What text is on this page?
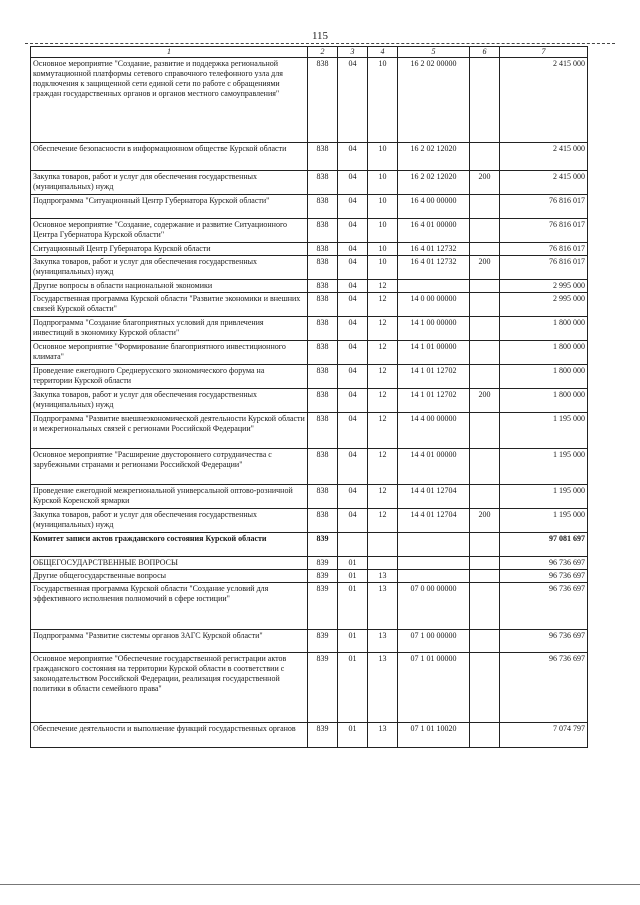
115
1	2	3	4	5	6	7
Основное мероприятие "Создание, развитие и поддержка региональной коммутационной платформы сетевого справочного телефонного узла для подключения к защищенной сети единой сети по работе с обращениями граждан государственных органов и органов местного самоуправления"	838	04	10	16 2 02 00000		2 415 000
Обеспечение безопасности в информационном обществе Курской области	838	04	10	16 2 02 12020		2 415 000
Закупка товаров, работ и услуг для обеспечения государственных (муниципальных) нужд	838	04	10	16 2 02 12020	200	2 415 000
Подпрограмма "Ситуационный Центр Губернатора Курской области"	838	04	10	16 4 00 00000		76 816 017
Основное мероприятие "Создание, содержание и развитие Ситуационного Центра Губернатора Курской области"	838	04	10	16 4 01 00000		76 816 017
Ситуационный Центр Губернатора Курской области	838	04	10	16 4 01 12732		76 816 017
Закупка товаров, работ и услуг для обеспечения государственных (муниципальных) нужд	838	04	10	16 4 01 12732	200	76 816 017
Другие вопросы в области национальной экономики	838	04	12			2 995 000
Государственная программа Курской области "Развитие экономики и внешних связей Курской области"	838	04	12	14 0 00 00000		2 995 000
Подпрограмма "Создание благоприятных условий для привлечения инвестиций в экономику Курской области"	838	04	12	14 1 00 00000		1 800 000
Основное мероприятие "Формирование благоприятного инвестиционного климата"	838	04	12	14 1 01 00000		1 800 000
Проведение ежегодного Среднерусского экономического форума на территории Курской области	838	04	12	14 1 01 12702		1 800 000
Закупка товаров, работ и услуг для обеспечения государственных (муниципальных) нужд	838	04	12	14 1 01 12702	200	1 800 000
Подпрограмма "Развитие внешнеэкономической деятельности Курской области и межрегиональных связей с регионами Российской Федерации"	838	04	12	14 4 00 00000		1 195 000
Основное мероприятие "Расширение двустороннего сотрудничества с зарубежными странами и регионами Российской Федерации"	838	04	12	14 4 01 00000		1 195 000
Проведение ежегодной межрегиональной универсальной оптово-розничной Курской Коренской ярмарки	838	04	12	14 4 01 12704		1 195 000
Закупка товаров, работ и услуг для обеспечения государственных (муниципальных) нужд	838	04	12	14 4 01 12704	200	1 195 000
Комитет записи актов гражданского состояния Курской области	839					97 081 697
ОБЩЕГОСУДАРСТВЕННЫЕ ВОПРОСЫ	839	01				96 736 697
Другие общегосударственные вопросы	839	01	13			96 736 697
Государственная программа Курской области "Создание условий для эффективного исполнения полномочий в сфере юстиции"	839	01	13	07 0 00 00000		96 736 697
Подпрограмма "Развитие системы органов ЗАГС Курской области"	839	01	13	07 1 00 00000		96 736 697
Основное мероприятие "Обеспечение государственной регистрации актов гражданского состояния на территории Курской области в соответствии с законодательством Российской Федерации, реализация государственной политики в области семейного права"	839	01	13	07 1 01 00000		96 736 697
Обеспечение деятельности и выполнение функций государственных органов	839	01	13	07 1 01 10020		7 074 797
